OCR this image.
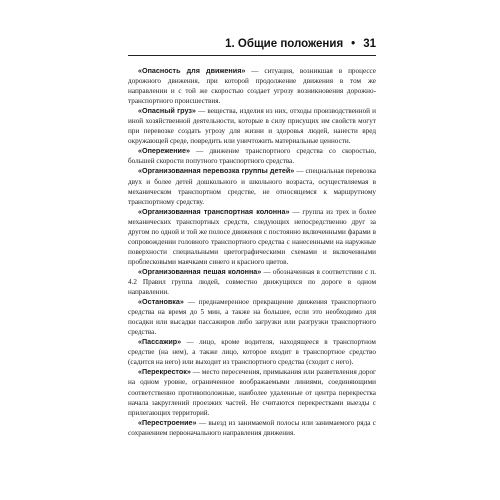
1. Общие положения • 31

«Опасность для движения» — ситуация, возникшая в процессе дорожного движения, при которой продолжение движения в том же направлении и с той же скоростью создает угрозу возникновения дорожно-транспортного происшествия.

«Опасный груз» — вещества, изделия из них, отходы производственной и иной хозяйственной деятельности, которые в силу присущих им свойств могут при перевозке создать угрозу для жизни и здоровья людей, нанести вред окружающей среде, повредить или уничтожить материальные ценности.

«Опережение» — движение транспортного средства со скоростью, большей скорости попутного транспортного средства.

«Организованная перевозка группы детей» — специальная перевозка двух и более детей дошкольного и школьного возраста, осуществляемая в механическом транспортном средстве, не относящемся к маршрутному транспортному средству.

«Организованная транспортная колонна» — группа из трех и более механических транспортных средств, следующих непосредственно друг за другом по одной и той же полосе движения с постоянно включенными фарами в сопровождении головного транспортного средства с нанесенными на наружные поверхности специальными цветографическими схемами и включенными проблесковыми маячками синего и красного цветов.

«Организованная пешая колонна» — обозначенная в соответствии с п. 4.2 Правил группа людей, совместно движущихся по дороге в одном направлении.

«Остановка» — преднамеренное прекращение движения транспортного средства на время до 5 мин, а также на большее, если это необходимо для посадки или высадки пассажиров либо загрузки или разгрузки транспортного средства.

«Пассажир» — лицо, кроме водителя, находящееся в транспортном средстве (на нем), а также лицо, которое входит в транспортное средство (садится на него) или выходит из транспортного средства (сходит с него).

«Перекресток» — место пересечения, примыкания или разветвления дорог на одном уровне, ограниченное воображаемыми линиями, соединяющими соответственно противоположные, наиболее удаленные от центра перекрестка начала закруглений проезжих частей. Не считаются перекрестками выезды с прилегающих территорий.

«Перестроение» — выезд из занимаемой полосы или занимаемого ряда с сохранением первоначального направления движения.
